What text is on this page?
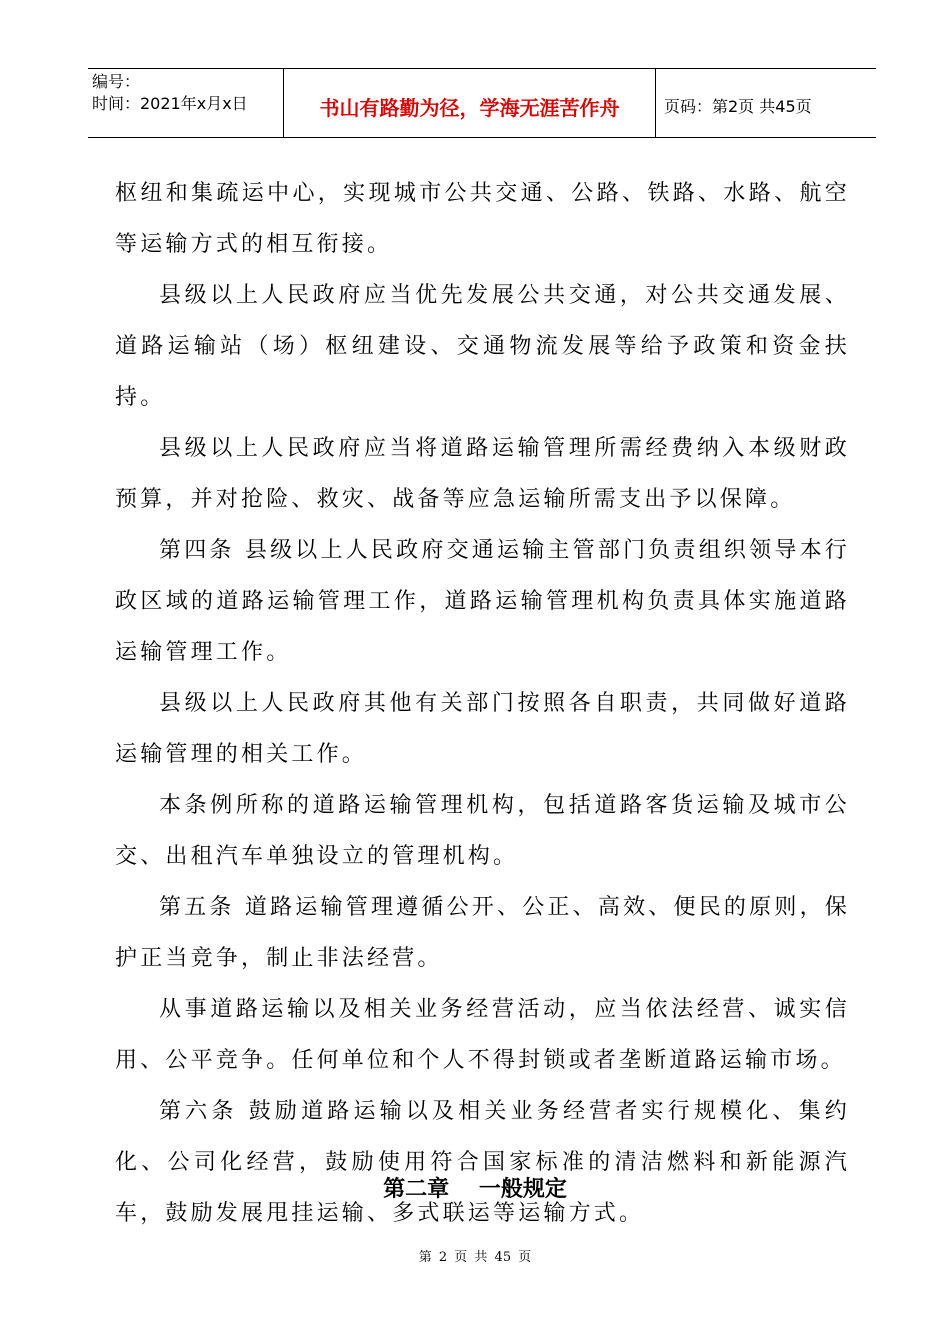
编号：
时间：2021年x月x日	书山有路勤为径，学海无涯苦作舟	页码：第2页 共45页

枢纽和集疏运中心，实现城市公共交通、公路、铁路、水路、航空等运输方式的相互衔接。

县级以上人民政府应当优先发展公共交通，对公共交通发展、道路运输站（场）枢纽建设、交通物流发展等给予政策和资金扶持。

县级以上人民政府应当将道路运输管理所需经费纳入本级财政预算，并对抢险、救灾、战备等应急运输所需支出予以保障。

第四条 县级以上人民政府交通运输主管部门负责组织领导本行政区域的道路运输管理工作，道路运输管理机构负责具体实施道路运输管理工作。

县级以上人民政府其他有关部门按照各自职责，共同做好道路运输管理的相关工作。

本条例所称的道路运输管理机构，包括道路客货运输及城市公交、出租汽车单独设立的管理机构。

第五条 道路运输管理遵循公开、公正、高效、便民的原则，保护正当竞争，制止非法经营。

从事道路运输以及相关业务经营活动，应当依法经营、诚实信用、公平竞争。任何单位和个人不得封锁或者垄断道路运输市场。

第六条 鼓励道路运输以及相关业务经营者实行规模化、集约化、公司化经营，鼓励使用符合国家标准的清洁燃料和新能源汽车，鼓励发展甩挂运输、多式联运等运输方式。

第二章 一般规定
第 2 页 共 45 页
